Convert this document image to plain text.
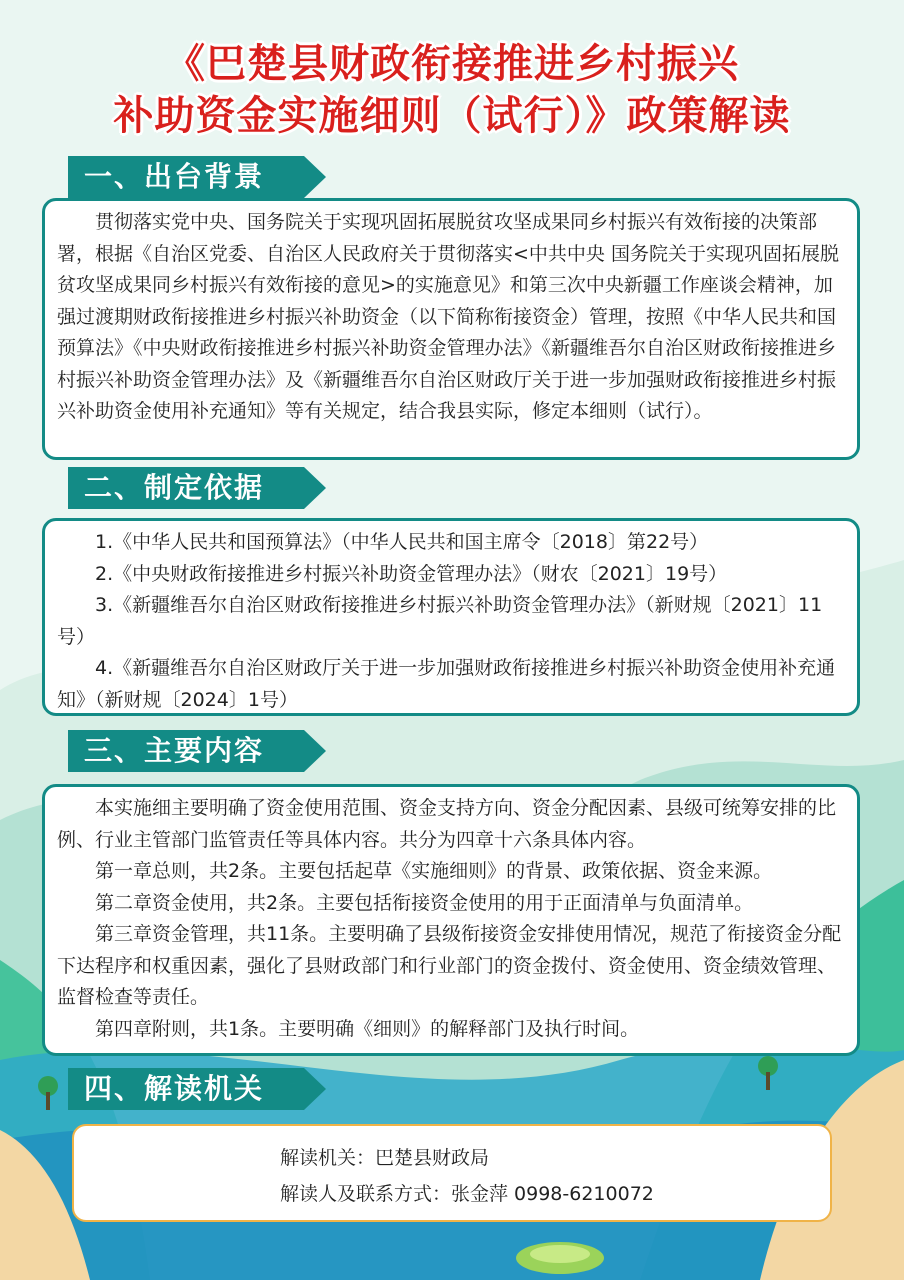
《巴楚县财政衔接推进乡村振兴
补助资金实施细则（试行）》政策解读
一、出台背景

贯彻落实党中央、国务院关于实现巩固拓展脱贫攻坚成果同乡村振兴有效衔接的决策部署，根据《自治区党委、自治区人民政府关于贯彻落实<中共中央 国务院关于实现巩固拓展脱贫攻坚成果同乡村振兴有效衔接的意见>的实施意见》和第三次中央新疆工作座谈会精神，加强过渡期财政衔接推进乡村振兴补助资金（以下简称衔接资金）管理，按照《中华人民共和国预算法》《中央财政衔接推进乡村振兴补助资金管理办法》《新疆维吾尔自治区财政衔接推进乡村振兴补助资金管理办法》及《新疆维吾尔自治区财政厅关于进一步加强财政衔接推进乡村振兴补助资金使用补充通知》等有关规定，结合我县实际，修定本细则（试行）。

二、制定依据

1.《中华人民共和国预算法》（中华人民共和国主席令〔2018〕第22号）

2.《中央财政衔接推进乡村振兴补助资金管理办法》（财农〔2021〕19号）

3.《新疆维吾尔自治区财政衔接推进乡村振兴补助资金管理办法》（新财规〔2021〕11号）

4.《新疆维吾尔自治区财政厅关于进一步加强财政衔接推进乡村振兴补助资金使用补充通知》（新财规〔2024〕1号）

三、主要内容

本实施细主要明确了资金使用范围、资金支持方向、资金分配因素、县级可统筹安排的比例、行业主管部门监管责任等具体内容。共分为四章十六条具体内容。

第一章总则，共2条。主要包括起草《实施细则》的背景、政策依据、资金来源。

第二章资金使用，共2条。主要包括衔接资金使用的用于正面清单与负面清单。

第三章资金管理，共11条。主要明确了县级衔接资金安排使用情况，规范了衔接资金分配下达程序和权重因素，强化了县财政部门和行业部门的资金拨付、资金使用、资金绩效管理、监督检查等责任。

第四章附则，共1条。主要明确《细则》的解释部门及执行时间。

四、解读机关
解读机关：巴楚县财政局
解读人及联系方式：张金萍 0998-6210072
